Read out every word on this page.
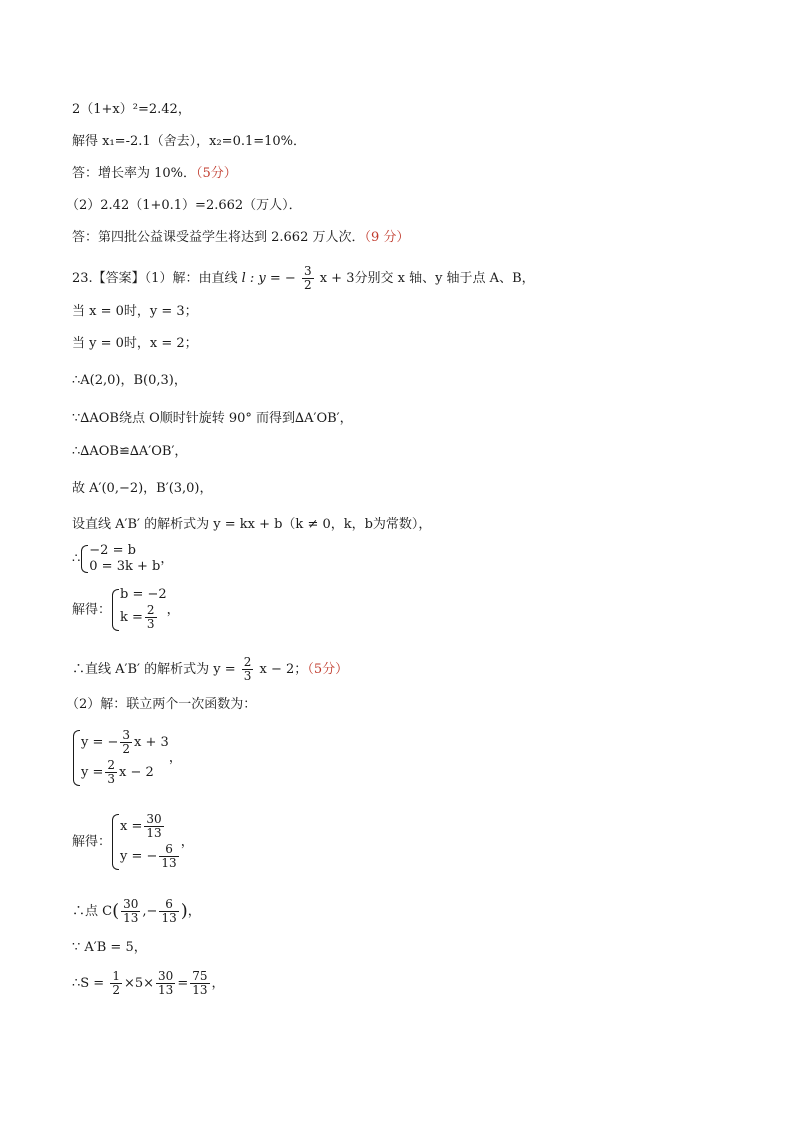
2（1+x）²=2.42，
解得 x₁=-2.1（舍去），x₂=0.1=10%．
答：增长率为 10%．（5分）
（2）2.42（1+0.1）=2.662（万人）．
答：第四批公益课受益学生将达到 2.662 万人次．（9 分）
23.【答案】（1）解：由直线 l : y = − $\frac{3}{2}$ x + 3分别交 x 轴、y 轴于点 A、B，
当 x = 0时，y = 3；
当 y = 0时，x = 2；
∴A(2,0)，B(0,3)，
∵∆AOB绕点 O顺时针旋转 90° 而得到∆A′OB′，
∴∆AOB≌∆A′OB′，
故 A′(0,−2)，B′(3,0)，
设直线 A′B′ 的解析式为 y = kx + b（k ≠ 0，k，b为常数），
∴
−2 = b
0 = 3k + b ，
解得：
b = −2
$k = \frac{2}{3}$ ，
∴直线 A′B′ 的解析式为 $y = \frac{2}{3}$ x − 2；（5分）
（2）解：联立两个一次函数为：
y = − $\frac{3}{2}$ x + 3
$y = \frac{2}{3}$ x − 2
，
解得：
$x = \frac{30}{13}$
y = − $\frac{6}{13}$
，
∴点 $C( \frac{30}{13}$ ,− $\frac{6}{13}$ )，
∵ A′B = 5，
∴S = $\frac{1}{2} \times 5\times \frac{30}{13} = \frac{75}{13}$ ，
